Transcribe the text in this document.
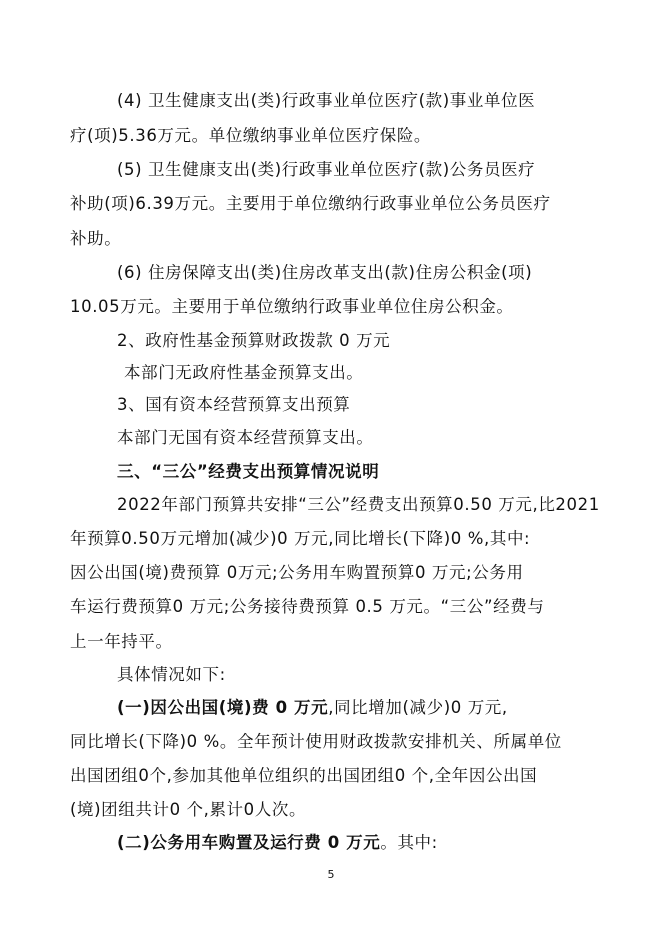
(4) 卫生健康支出(类)行政事业单位医疗(款)事业单位医
疗(项)5.36万元。单位缴纳事业单位医疗保险。
(5) 卫生健康支出(类)行政事业单位医疗(款)公务员医疗
补助(项)6.39万元。主要用于单位缴纳行政事业单位公务员医疗
补助。
(6) 住房保障支出(类)住房改革支出(款)住房公积金(项)
10.05万元。主要用于单位缴纳行政事业单位住房公积金。
2、政府性基金预算财政拨款 0 万元
本部门无政府性基金预算支出。
3、国有资本经营预算支出预算
本部门无国有资本经营预算支出。
三、“三公”经费支出预算情况说明
2022年部门预算共安排“三公”经费支出预算0.50 万元,比2021
年预算0.50万元增加(减少)0 万元,同比增长(下降)0 %,其中:
因公出国(境)费预算 0万元;公务用车购置预算0 万元;公务用
车运行费预算0 万元;公务接待费预算 0.5 万元。“三公”经费与
上一年持平。
具体情况如下:
(一)因公出国(境)费 0 万元,同比增加(减少)0 万元,
同比增长(下降)0 %。全年预计使用财政拨款安排机关、所属单位
出国团组0个,参加其他单位组织的出国团组0 个,全年因公出国
(境)团组共计0 个,累计0人次。
(二)公务用车购置及运行费 0 万元。其中:
5
